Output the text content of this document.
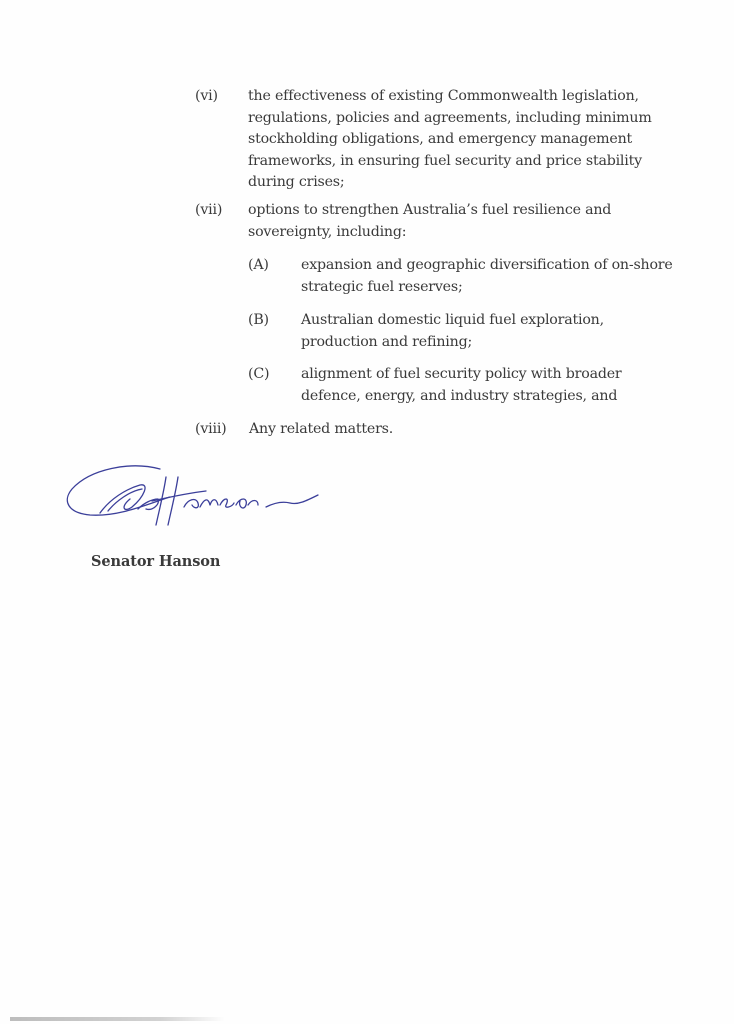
(vi) the effectiveness of existing Commonwealth legislation,
regulations, policies and agreements, including minimum
stockholding obligations, and emergency management
frameworks, in ensuring fuel security and price stability
during crises;
(vii) options to strengthen Australia’s fuel resilience and
sovereignty, including:
(A) expansion and geographic diversification of on-shore
strategic fuel reserves;
(B) Australian domestic liquid fuel exploration,
production and refining;
(C) alignment of fuel security policy with broader
defence, energy, and industry strategies, and
(viii) Any related matters.
Senator Hanson
